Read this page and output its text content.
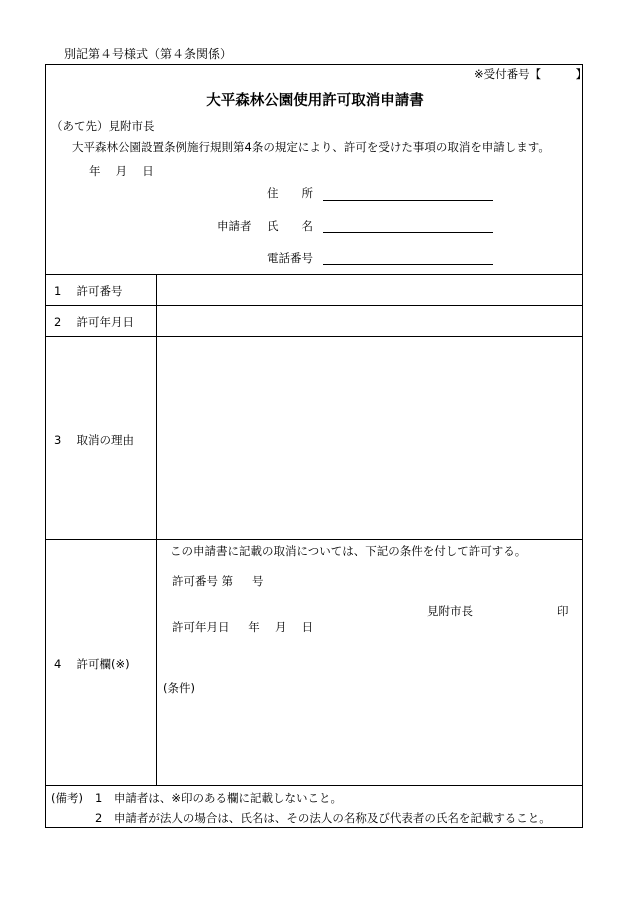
別記第４号様式（第４条関係）
※受付番号【　　　】
大平森林公園使用許可取消申請書
（あて先）見附市長
大平森林公園設置条例施行規則第4条の規定により、許可を受けた事項の取消を申請します。
年　 月　 日
住　　所
申請者 氏　　名
電話番号
1　 許可番号
2　 許可年月日
3　 取消の理由
4　 許可欄(※)
この申請書に記載の取消については、下記の条件を付して許可する。
許可番号 第 　 号
見附市長	印
許可年月日 　 年　 月　 日
(条件)
(備考) 1　申請者は、※印のある欄に記載しないこと。
2　申請者が法人の場合は、氏名は、その法人の名称及び代表者の氏名を記載すること。
